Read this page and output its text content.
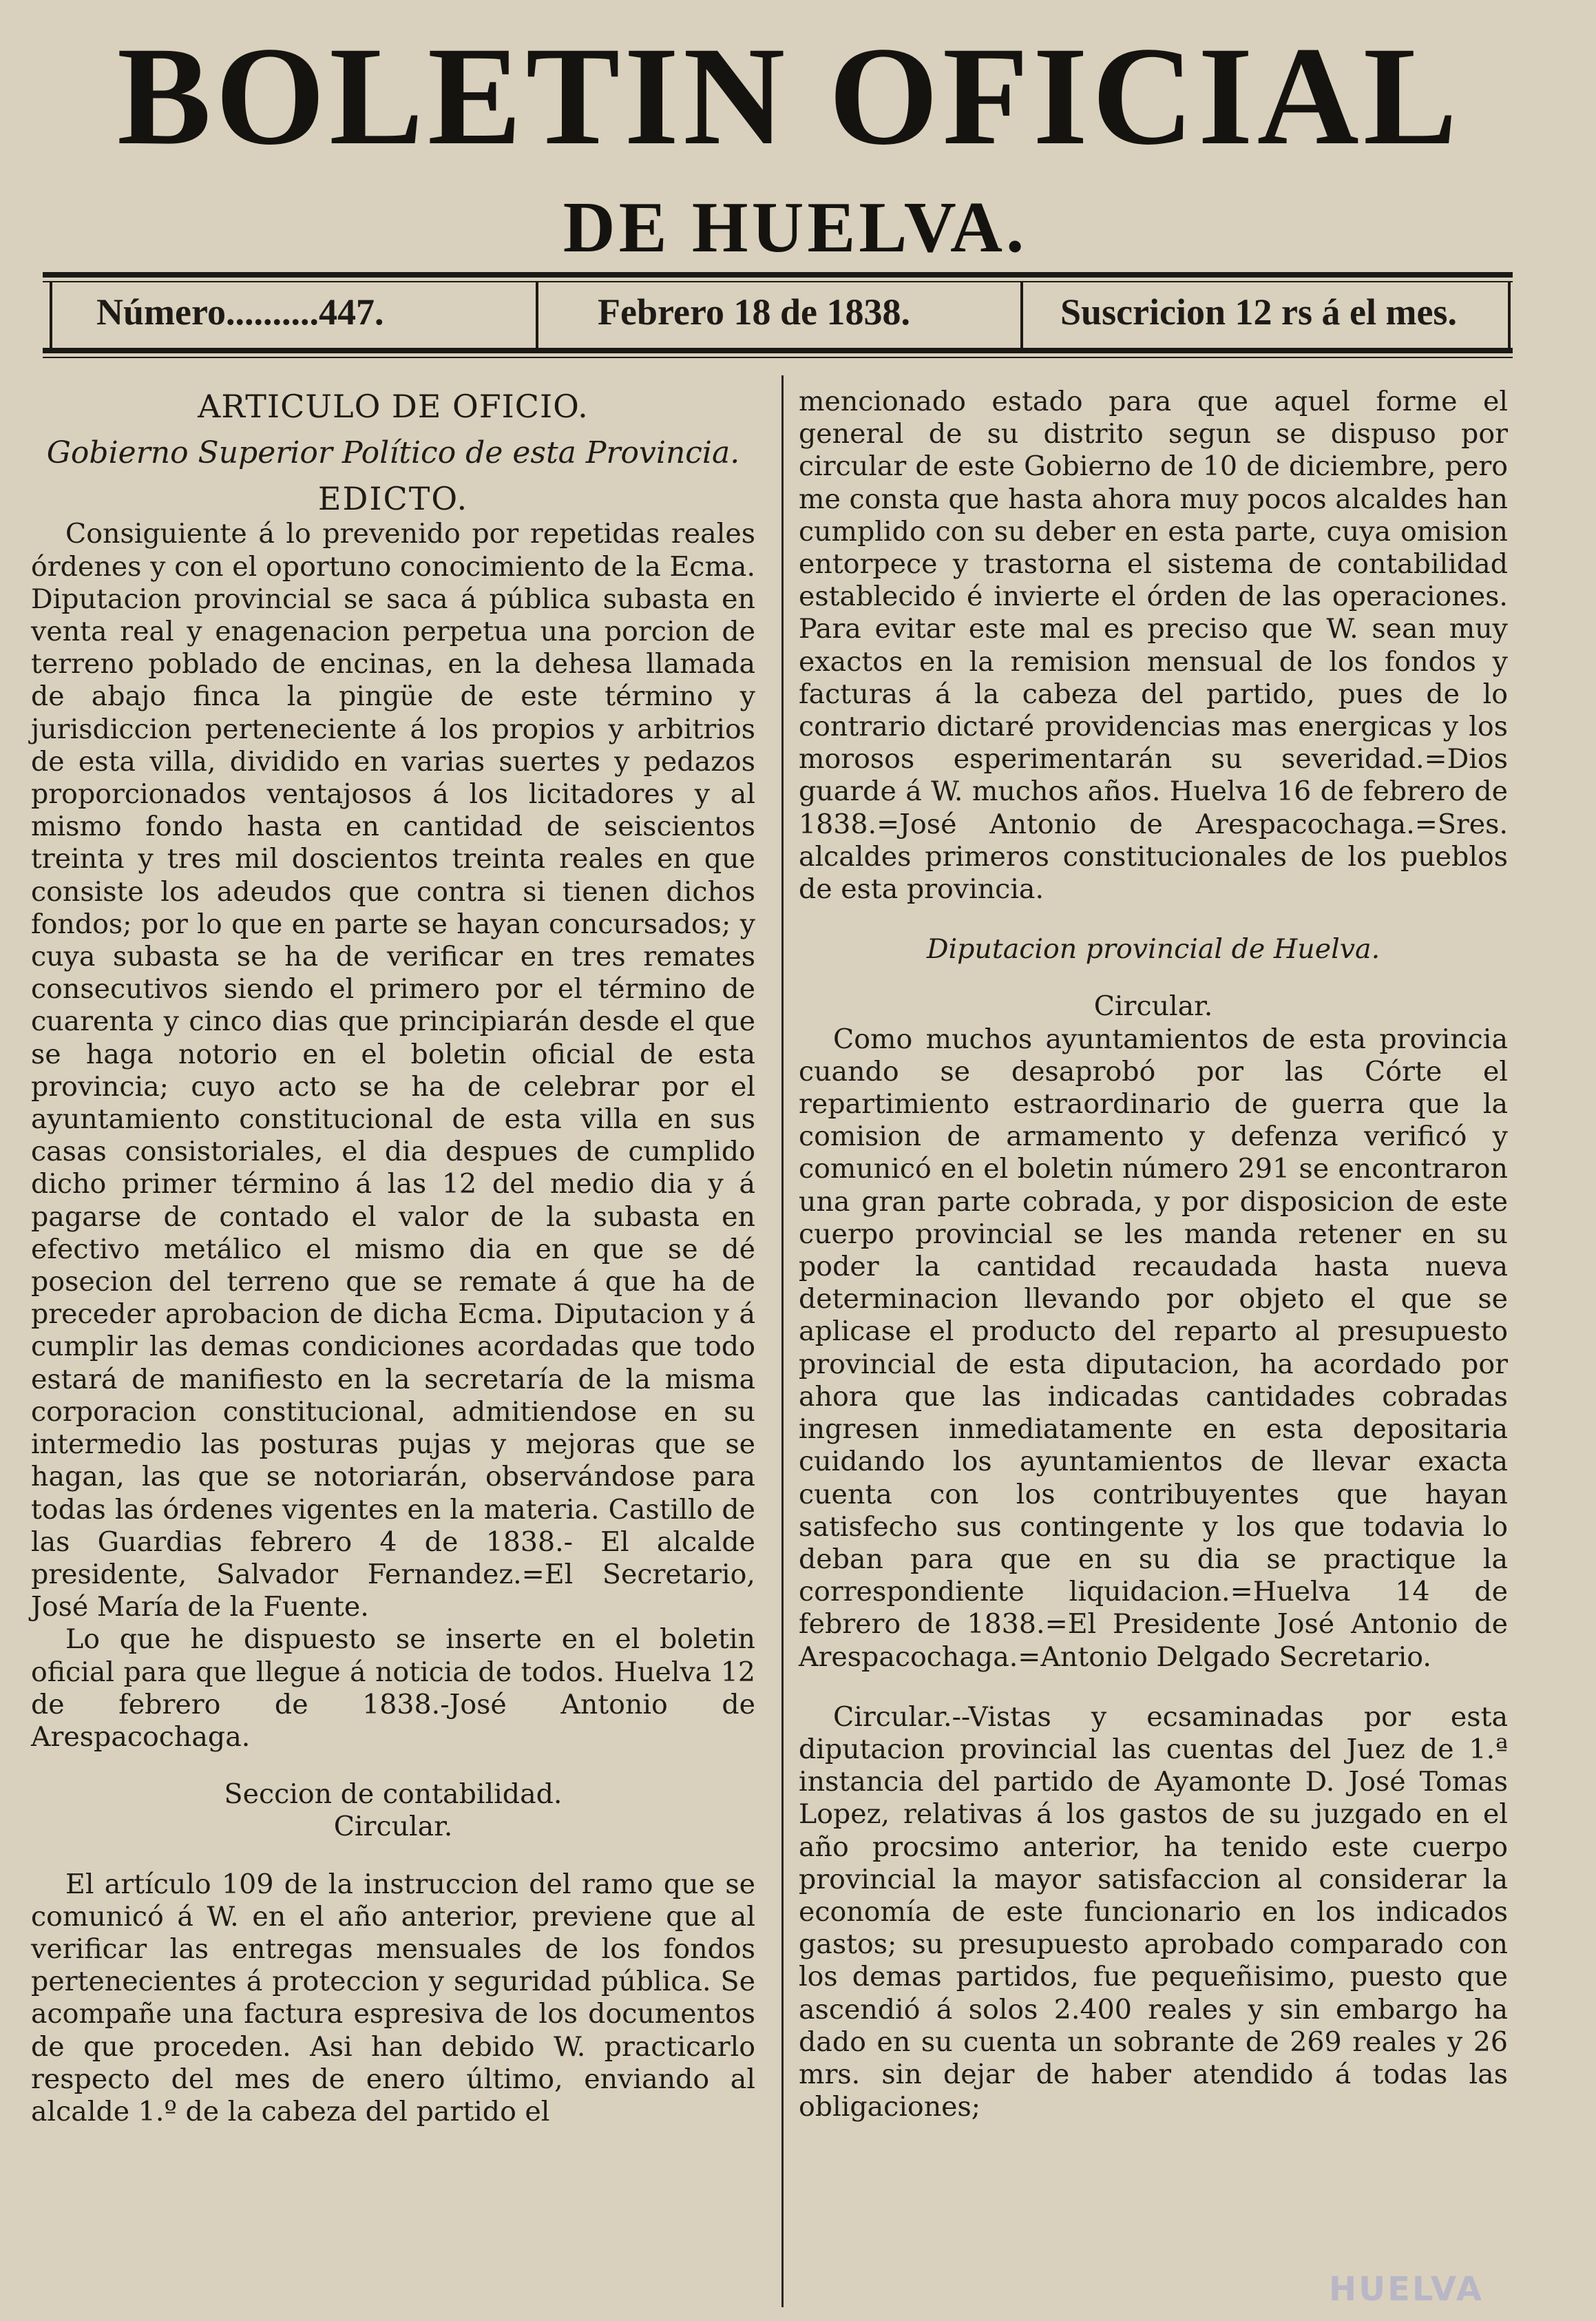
BOLETIN OFICIAL
DE HUELVA.
Número..........447.	Febrero 18 de 1838.	Suscricion 12 rs á el mes.

ARTICULO DE OFICIO.

Gobierno Superior Político de esta Provincia.

EDICTO.

Consiguiente á lo prevenido por repetidas reales órdenes y con el oportuno conocimiento de la Ecma. Diputacion provincial se saca á pública subasta en venta real y enagenacion perpetua una porcion de terreno poblado de encinas, en la dehesa llamada de abajo finca la pingüe de este término y jurisdiccion perteneciente á los propios y arbitrios de esta villa, dividido en varias suertes y pedazos proporcionados ventajosos á los licitadores y al mismo fondo hasta en cantidad de seiscientos treinta y tres mil doscientos treinta reales en que consiste los adeudos que contra si tienen dichos fondos; por lo que en parte se hayan concursados; y cuya subasta se ha de verificar en tres remates consecutivos siendo el primero por el término de cuarenta y cinco dias que principiarán desde el que se haga notorio en el boletin oficial de esta provincia; cuyo acto se ha de celebrar por el ayuntamiento constitucional de esta villa en sus casas consistoriales, el dia despues de cumplido dicho primer término á las 12 del medio dia y á pagarse de contado el valor de la subasta en efectivo metálico el mismo dia en que se dé posecion del terreno que se remate á que ha de preceder aprobacion de dicha Ecma. Diputacion y á cumplir las demas condiciones acordadas que todo estará de manifiesto en la secretaría de la misma corporacion constitucional, admitiendose en su intermedio las posturas pujas y mejoras que se hagan, las que se notoriarán, observándose para todas las órdenes vigentes en la materia. Castillo de las Guardias febrero 4 de 1838.- El alcalde presidente, Salvador Fernandez.=El Secretario, José María de la Fuente.

Lo que he dispuesto se inserte en el boletin oficial para que llegue á noticia de todos. Huelva 12 de febrero de 1838.-José Antonio de Arespacochaga.

Seccion de contabilidad.

Circular.

El artículo 109 de la instruccion del ramo que se comunicó á W. en el año anterior, previene que al verificar las entregas mensuales de los fondos pertenecientes á proteccion y seguridad pública. Se acompañe una factura espresiva de los documentos de que proceden. Asi han debido W. practicarlo respecto del mes de enero último, enviando al alcalde 1.º de la cabeza del partido el

mencionado estado para que aquel forme el general de su distrito segun se dispuso por circular de este Gobierno de 10 de diciembre, pero me consta que hasta ahora muy pocos alcaldes han cumplido con su deber en esta parte, cuya omision entorpece y trastorna el sistema de contabilidad establecido é invierte el órden de las operaciones. Para evitar este mal es preciso que W. sean muy exactos en la remision mensual de los fondos y facturas á la cabeza del partido, pues de lo contrario dictaré providencias mas energicas y los morosos esperimentarán su severidad.=Dios guarde á W. muchos años. Huelva 16 de febrero de 1838.=José Antonio de Arespacochaga.=Sres. alcaldes primeros constitucionales de los pueblos de esta provincia.

Diputacion provincial de Huelva.

Circular.

Como muchos ayuntamientos de esta provincia cuando se desaprobó por las Córte el repartimiento estraordinario de guerra que la comision de armamento y defenza verificó y comunicó en el boletin número 291 se encontraron una gran parte cobrada, y por disposicion de este cuerpo provincial se les manda retener en su poder la cantidad recaudada hasta nueva determinacion llevando por objeto el que se aplicase el producto del reparto al presupuesto provincial de esta diputacion, ha acordado por ahora que las indicadas cantidades cobradas ingresen inmediatamente en esta depositaria cuidando los ayuntamientos de llevar exacta cuenta con los contribuyentes que hayan satisfecho sus contingente y los que todavia lo deban para que en su dia se practique la correspondiente liquidacion.=Huelva 14 de febrero de 1838.=El Presidente José Antonio de Arespacochaga.=Antonio Delgado Secretario.

Circular.--Vistas y ecsaminadas por esta diputacion provincial las cuentas del Juez de 1.ª instancia del partido de Ayamonte D. José Tomas Lopez, relativas á los gastos de su juzgado en el año procsimo anterior, ha tenido este cuerpo provincial la mayor satisfaccion al considerar la economía de este funcionario en los indicados gastos; su presupuesto aprobado comparado con los demas partidos, fue pequeñisimo, puesto que ascendió á solos 2.400 reales y sin embargo ha dado en su cuenta un sobrante de 269 reales y 26 mrs. sin dejar de haber atendido á todas las obligaciones;

HUELVA
